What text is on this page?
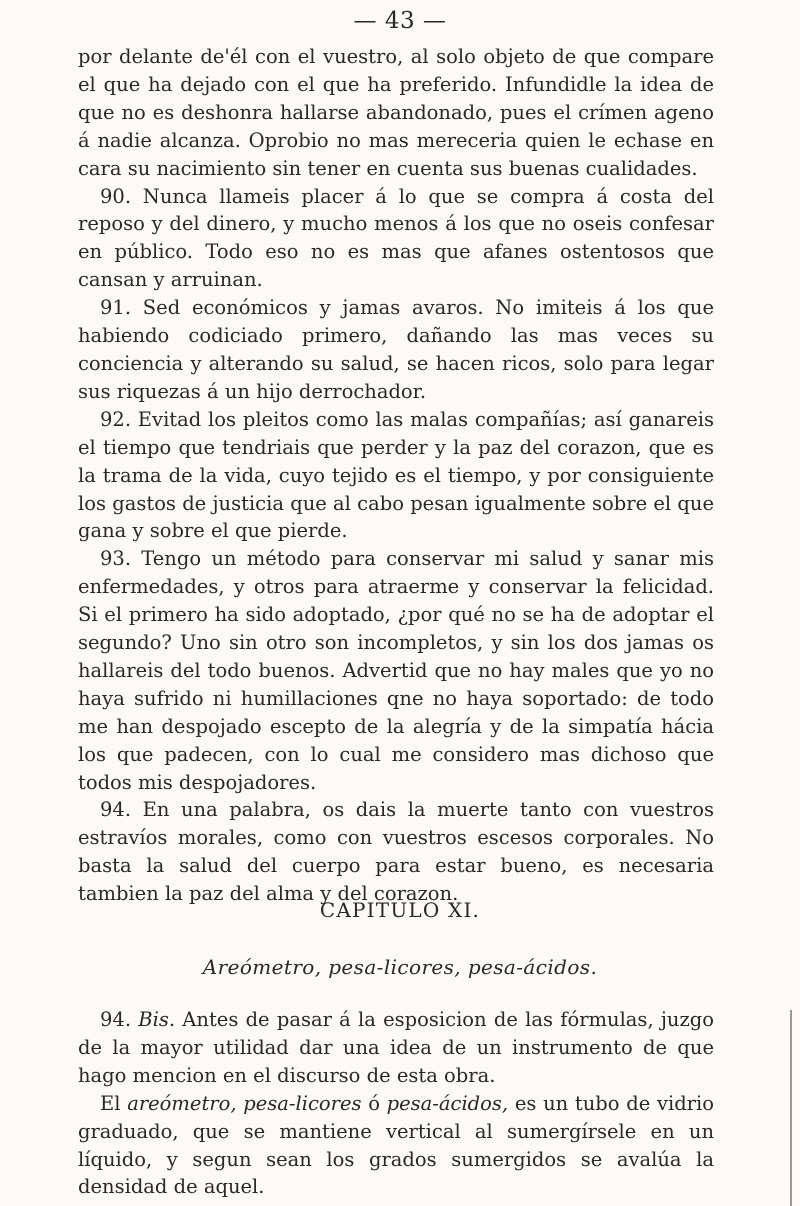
— 43 —

por delante de'él con el vuestro, al solo objeto de que compare el que ha dejado con el que ha preferido. Infundidle la idea de que no es deshonra hallarse abandonado, pues el crímen ageno á nadie alcanza. Oprobio no mas mereceria quien le echase en cara su nacimiento sin tener en cuenta sus buenas cualidades.

90. Nunca llameis placer á lo que se compra á costa del reposo y del dinero, y mucho menos á los que no oseis confesar en público. Todo eso no es mas que afanes ostentosos que cansan y arruinan.

91. Sed económicos y jamas avaros. No imiteis á los que habiendo codiciado primero, dañando las mas veces su conciencia y alterando su salud, se hacen ricos, solo para legar sus riquezas á un hijo derrochador.

92. Evitad los pleitos como las malas compañías; así ganareis el tiempo que tendriais que perder y la paz del corazon, que es la trama de la vida, cuyo tejido es el tiempo, y por consiguiente los gastos de justicia que al cabo pesan igualmente sobre el que gana y sobre el que pierde.

93. Tengo un método para conservar mi salud y sanar mis enfermedades, y otros para atraerme y conservar la felicidad. Si el primero ha sido adoptado, ¿por qué no se ha de adoptar el segundo? Uno sin otro son incompletos, y sin los dos jamas os hallareis del todo buenos. Advertid que no hay males que yo no haya sufrido ni humillaciones qne no haya soportado: de todo me han despojado escepto de la alegría y de la simpatía hácia los que padecen, con lo cual me considero mas dichoso que todos mis despojadores.

94. En una palabra, os dais la muerte tanto con vuestros estravíos morales, como con vuestros escesos corporales. No basta la salud del cuerpo para estar bueno, es necesaria tambien la paz del alma y del corazon.

CAPITULO XI.
Areómetro, pesa-licores, pesa-ácidos.

94. Bis. Antes de pasar á la esposicion de las fórmulas, juzgo de la mayor utilidad dar una idea de un instrumento de que hago mencion en el discurso de esta obra.

El areómetro, pesa-licores ó pesa-ácidos, es un tubo de vidrio graduado, que se mantiene vertical al sumergírsele en un líquido, y segun sean los grados sumergidos se avalúa la densidad de aquel.
